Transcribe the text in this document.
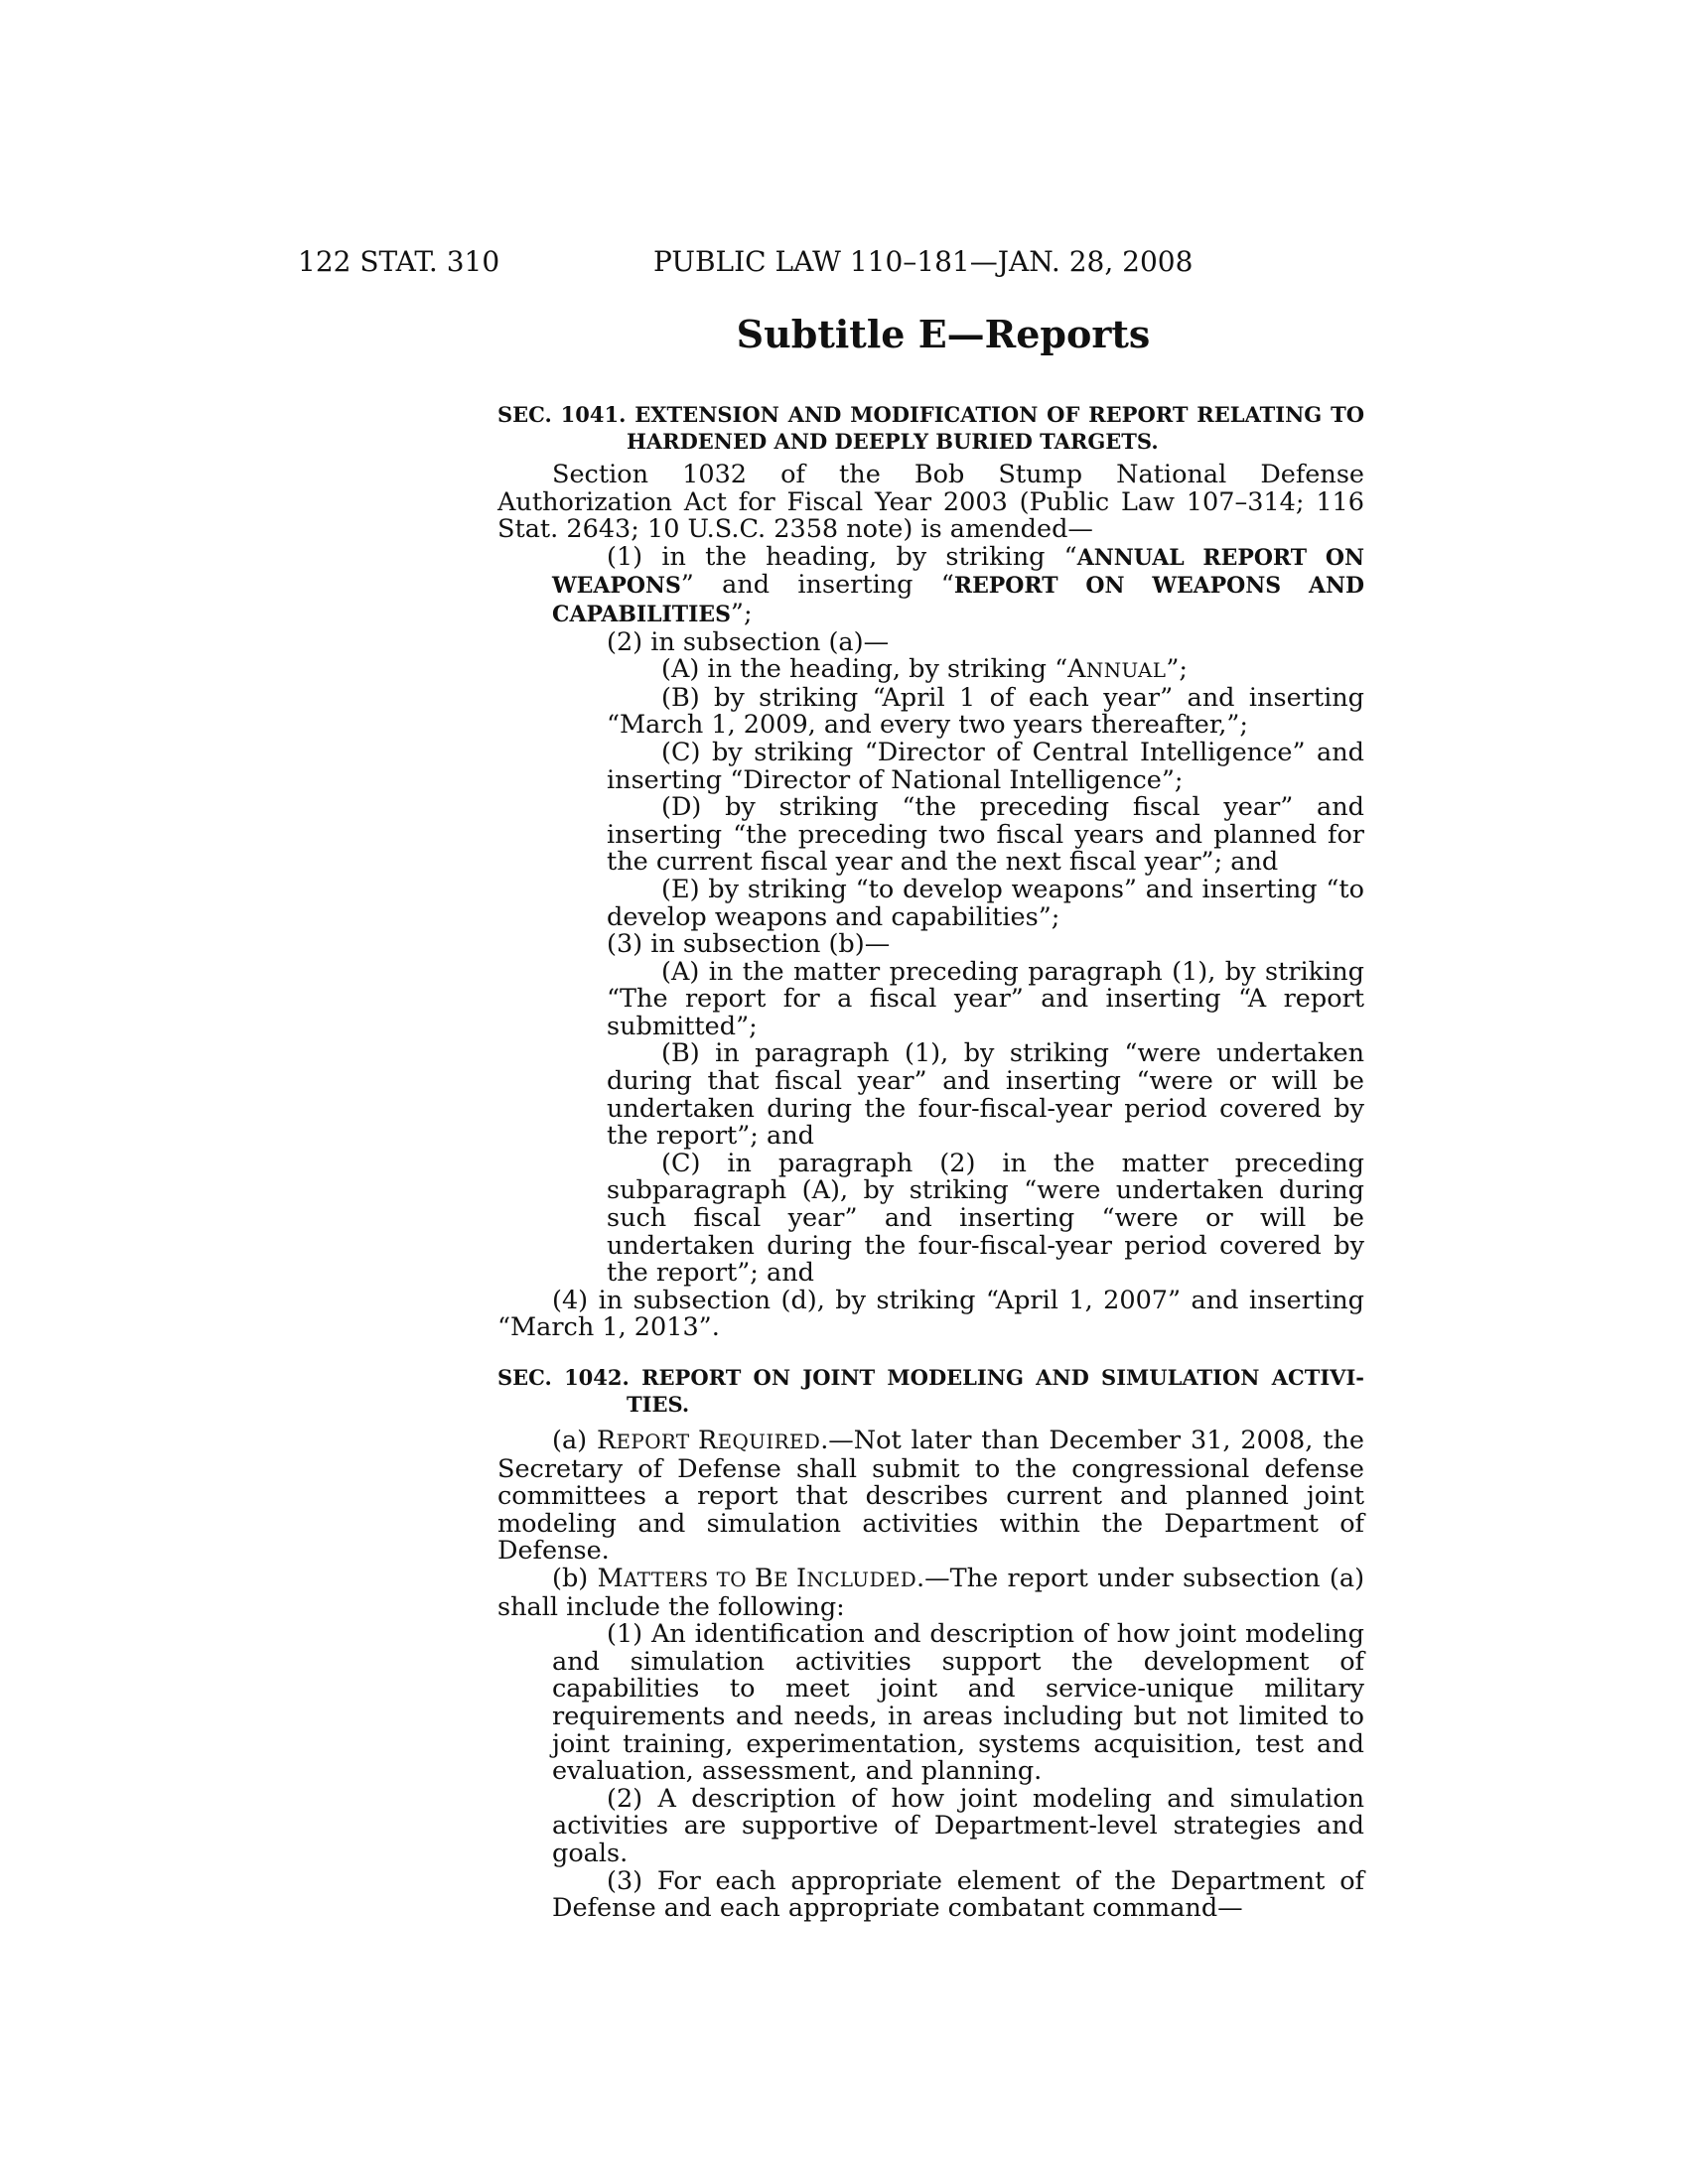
122 STAT. 310	PUBLIC LAW 110–181—JAN. 28, 2008
Subtitle E—Reports
SEC. 1041. EXTENSION AND MODIFICATION OF REPORT RELATING TO
HARDENED AND DEEPLY BURIED TARGETS.

Section 1032 of the Bob Stump National Defense Authorization Act for Fiscal Year 2003 (Public Law 107–314; 116 Stat. 2643; 10 U.S.C. 2358 note) is amended—

(1) in the heading, by striking “ANNUAL REPORT ON WEAPONS” and inserting “REPORT ON WEAPONS AND CAPABILITIES”;

(2) in subsection (a)—

(A) in the heading, by striking “ANNUAL”;

(B) by striking “April 1 of each year” and inserting “March 1, 2009, and every two years thereafter,”;

(C) by striking “Director of Central Intelligence” and inserting “Director of National Intelligence”;

(D) by striking “the preceding fiscal year” and inserting “the preceding two fiscal years and planned for the current fiscal year and the next fiscal year”; and

(E) by striking “to develop weapons” and inserting “to develop weapons and capabilities”;

(3) in subsection (b)—

(A) in the matter preceding paragraph (1), by striking “The report for a fiscal year” and inserting “A report submitted”;

(B) in paragraph (1), by striking “were undertaken during that fiscal year” and inserting “were or will be undertaken during the four-fiscal-year period covered by the report”; and

(C) in paragraph (2) in the matter preceding subparagraph (A), by striking “were undertaken during such fiscal year” and inserting “were or will be undertaken during the four-fiscal-year period covered by the report”; and

(4) in subsection (d), by striking “April 1, 2007” and inserting “March 1, 2013”.

SEC. 1042. REPORT ON JOINT MODELING AND SIMULATION ACTIVI-
TIES.

(a) REPORT REQUIRED.—Not later than December 31, 2008, the Secretary of Defense shall submit to the congressional defense committees a report that describes current and planned joint modeling and simulation activities within the Department of Defense.

(b) MATTERS TO BE INCLUDED.—The report under subsection (a) shall include the following:

(1) An identification and description of how joint modeling and simulation activities support the development of capabilities to meet joint and service-unique military requirements and needs, in areas including but not limited to joint training, experimentation, systems acquisition, test and evaluation, assessment, and planning.

(2) A description of how joint modeling and simulation activities are supportive of Department-level strategies and goals.

(3) For each appropriate element of the Department of Defense and each appropriate combatant command—
